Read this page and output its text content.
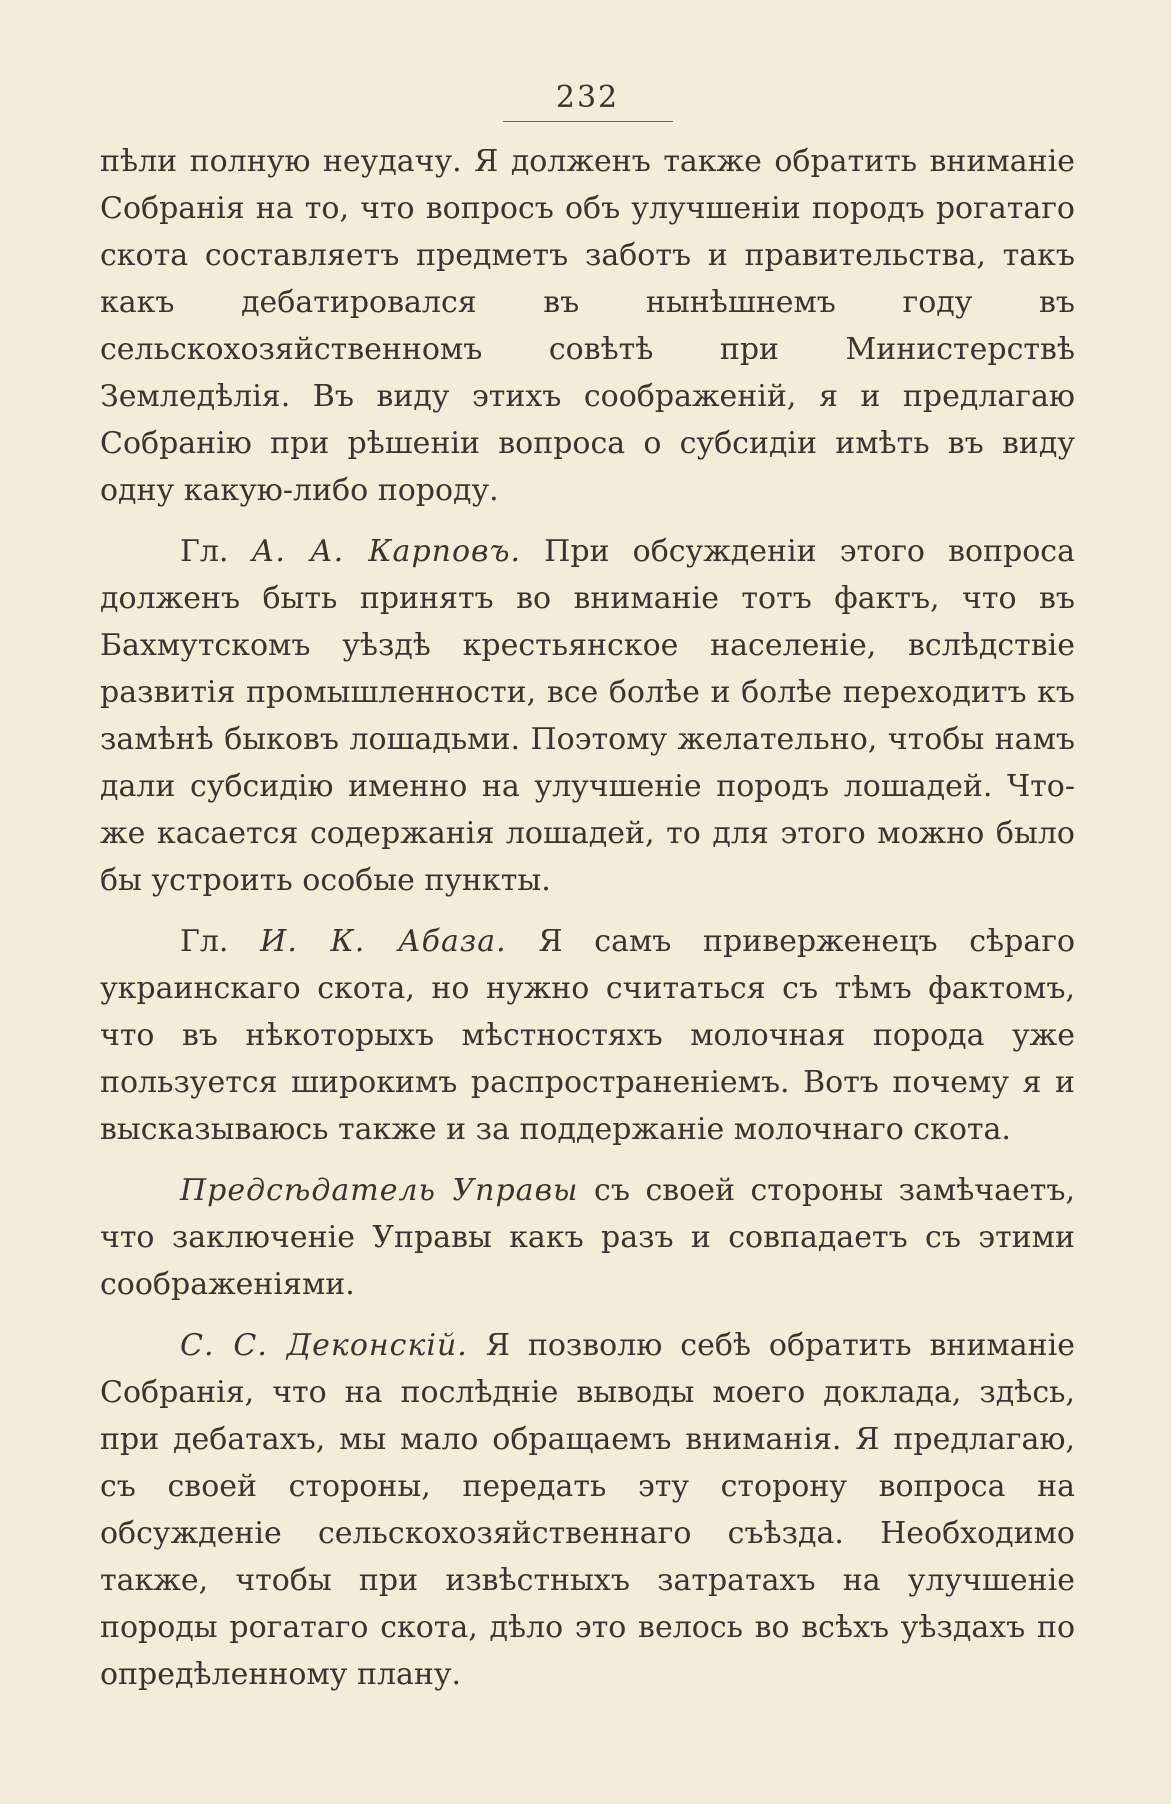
232

пѣли полную неудачу. Я долженъ также обратить вниманіе Собранія на то, что вопросъ объ улучшеніи породъ рогатаго скота составляетъ предметъ заботъ и правительства, такъ какъ дебатировался въ нынѣшнемъ году въ сельскохозяйственномъ совѣтѣ при Министерствѣ Земледѣлія. Въ виду этихъ соображеній, я и предлагаю Собранію при рѣшеніи вопроса о субсидіи имѣть въ виду одну какую-либо породу.

Гл. А. А. Карповъ. При обсужденіи этого вопроса долженъ быть принятъ во вниманіе тотъ фактъ, что въ Бахмутскомъ уѣздѣ крестьянское населеніе, вслѣдствіе развитія промышленности, все болѣе и болѣе переходитъ къ замѣнѣ быковъ лошадьми. Поэтому желательно, чтобы намъ дали субсидію именно на улучшеніе породъ лошадей. Что-же касается содержанія лошадей, то для этого можно было бы устроить особые пункты.

Гл. И. К. Абаза. Я самъ приверженецъ сѣраго украинскаго скота, но нужно считаться съ тѣмъ фактомъ, что въ нѣкоторыхъ мѣстностяхъ молочная порода уже пользуется широкимъ распространеніемъ. Вотъ почему я и высказываюсь также и за поддержаніе молочнаго скота.

Предсѣдатель Управы съ своей стороны замѣчаетъ, что заключеніе Управы какъ разъ и совпадаетъ съ этими соображеніями.

С. С. Деконскій. Я позволю себѣ обратить вниманіе Собранія, что на послѣдніе выводы моего доклада, здѣсь, при дебатахъ, мы мало обращаемъ вниманія. Я предлагаю, съ своей стороны, передать эту сторону вопроса на обсужденіе сельскохозяйственнаго съѣзда. Необходимо также, чтобы при извѣстныхъ затратахъ на улучшеніе породы рогатаго скота, дѣло это велось во всѣхъ уѣздахъ по опредѣленному плану.
